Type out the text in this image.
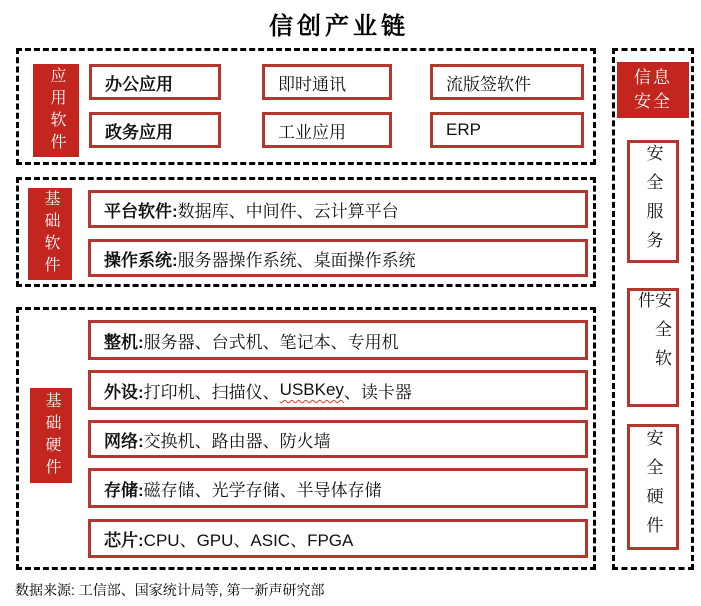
信创产业链
应用软件 办公应用	即时通讯	流版签软件
政务应用	工业应用	ERP
基础软件	平台软件: 数据库、中间件、云计算平台
操作系统: 服务器操作系统、桌面操作系统
基础硬件
整机: 服务器、台式机、笔记本、专用机
外设: 打印机、扫描仪、 USBKey 、读卡器
网络: 交换机、路由器、防火墙
存储: 磁存储、光学存储、半导体存储
芯片: CPU、GPU、ASIC、FPGA
信息
安全
安全服务
安全软件
安全硬件
数据来源: 工信部、国家统计局等, 第一新声研究部
